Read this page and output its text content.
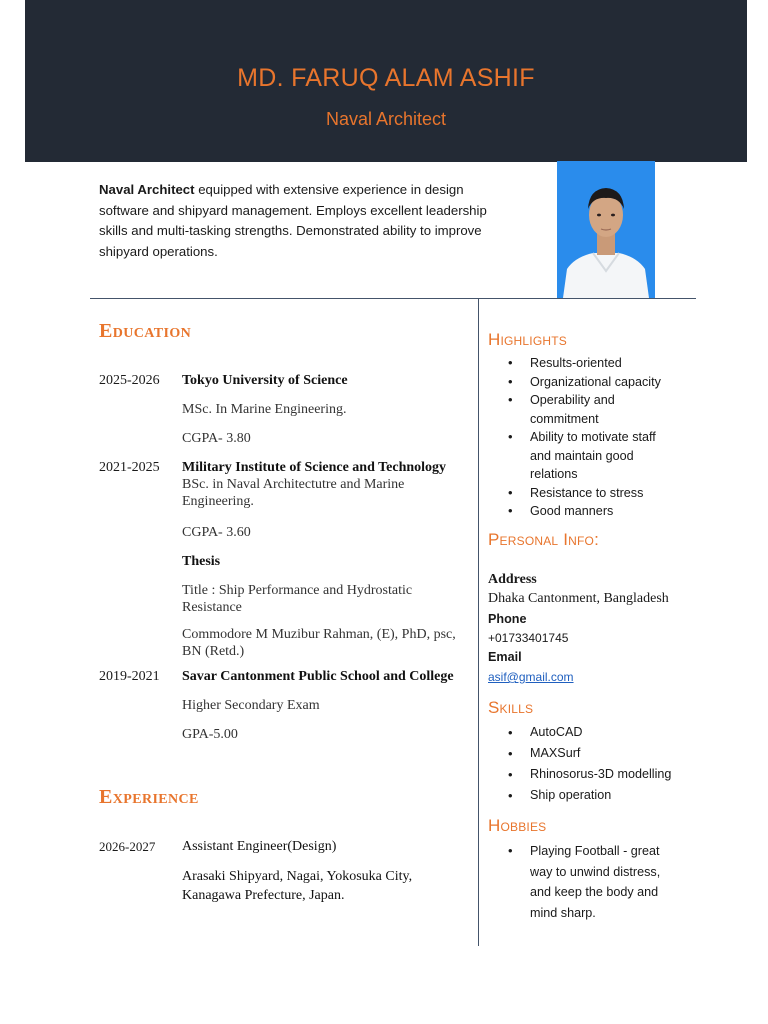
MD. FARUQ ALAM ASHIF
Naval Architect
Naval Architect equipped with extensive experience in design software and shipyard management. Employs excellent leadership skills and multi-tasking strengths. Demonstrated ability to improve shipyard operations.
Education
2025-2026 Tokyo University of Science
MSc. In Marine Engineering.
CGPA- 3.80
2021-2025 Military Institute of Science and Technology
BSc. in Naval Architectutre and Marine Engineering.
CGPA- 3.60
Thesis
Title : Ship Performance and Hydrostatic Resistance
Commodore M Muzibur Rahman, (E), PhD, psc, BN (Retd.)
2019-2021 Savar Cantonment Public School and College
Higher Secondary Exam
GPA-5.00
Experience
2026-2027 Assistant Engineer(Design)
Arasaki Shipyard, Nagai, Yokosuka City, Kanagawa Prefecture, Japan.
Highlights
• Results-oriented
• Organizational capacity
• Operability and commitment
• Ability to motivate staff and maintain good relations
• Resistance to stress
• Good manners
Personal Info:
Address
Dhaka Cantonment, Bangladesh
Phone
+01733401745
Email
asif@gmail.com
Skills
• AutoCAD
• MAXSurf
• Rhinosorus-3D modelling
• Ship operation
Hobbies
• Playing Football - great way to unwind distress, and keep the body and mind sharp.
